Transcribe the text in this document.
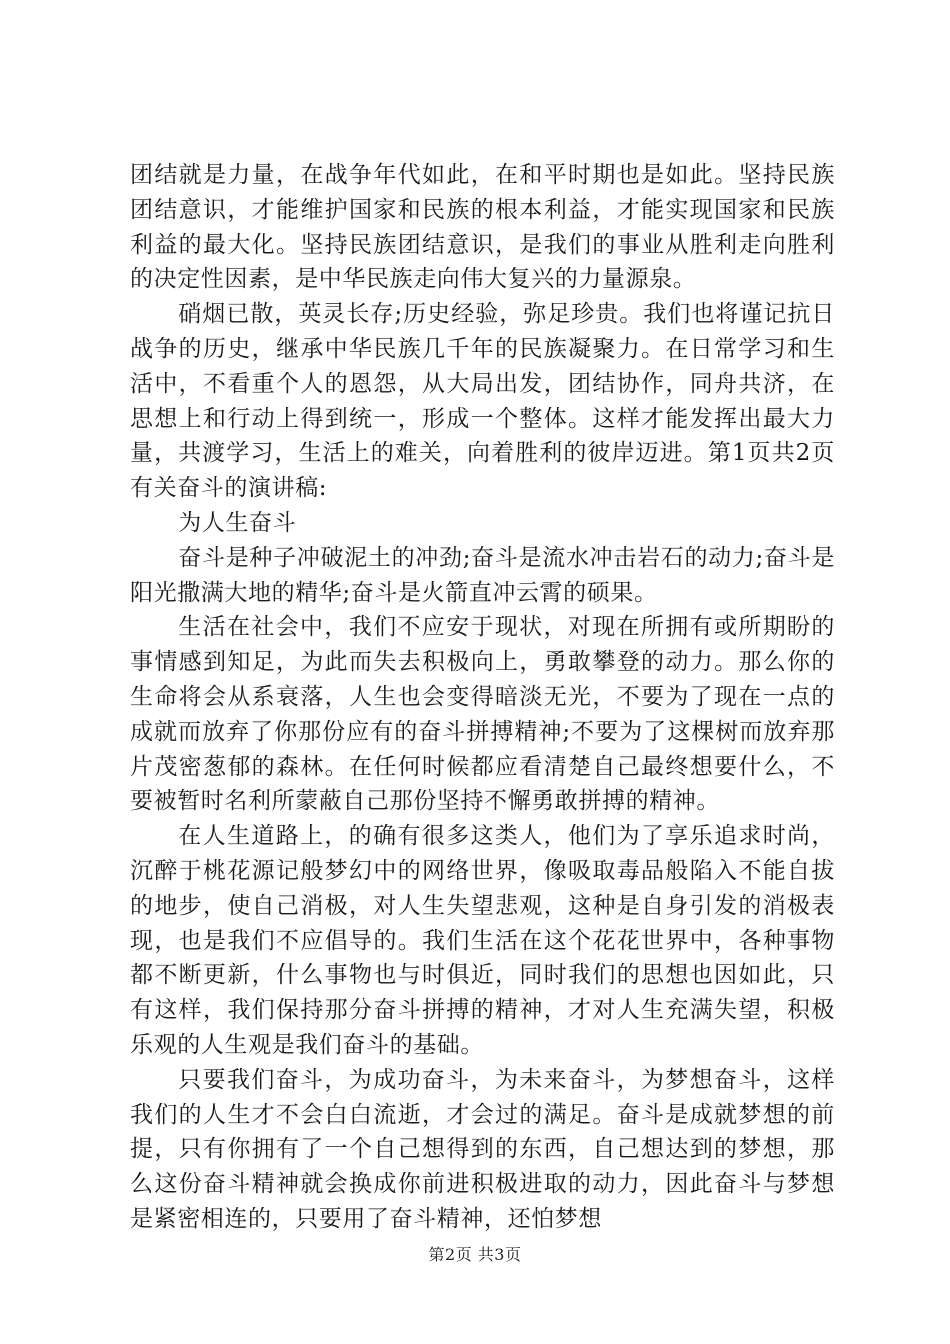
团结就是力量，在战争年代如此，在和平时期也是如此。坚持民族团结意识，才能维护国家和民族的根本利益，才能实现国家和民族利益的最大化。坚持民族团结意识，是我们的事业从胜利走向胜利的决定性因素，是中华民族走向伟大复兴的力量源泉。

硝烟已散，英灵长存;历史经验，弥足珍贵。我们也将谨记抗日战争的历史，继承中华民族几千年的民族凝聚力。在日常学习和生活中，不看重个人的恩怨，从大局出发，团结协作，同舟共济，在思想上和行动上得到统一，形成一个整体。这样才能发挥出最大力量，共渡学习，生活上的难关，向着胜利的彼岸迈进。第1页共2页有关奋斗的演讲稿:

为人生奋斗

奋斗是种子冲破泥土的冲劲;奋斗是流水冲击岩石的动力;奋斗是阳光撒满大地的精华;奋斗是火箭直冲云霄的硕果。

生活在社会中，我们不应安于现状，对现在所拥有或所期盼的事情感到知足，为此而失去积极向上，勇敢攀登的动力。那么你的生命将会从系衰落，人生也会变得暗淡无光，不要为了现在一点的成就而放弃了你那份应有的奋斗拼搏精神;不要为了这棵树而放弃那片茂密葱郁的森林。在任何时候都应看清楚自己最终想要什么，不要被暂时名利所蒙蔽自己那份坚持不懈勇敢拼搏的精神。

在人生道路上，的确有很多这类人，他们为了享乐追求时尚，沉醉于桃花源记般梦幻中的网络世界，像吸取毒品般陷入不能自拔的地步，使自己消极，对人生失望悲观，这种是自身引发的消极表现，也是我们不应倡导的。我们生活在这个花花世界中，各种事物都不断更新，什么事物也与时俱近，同时我们的思想也因如此，只有这样，我们保持那分奋斗拼搏的精神，才对人生充满失望，积极乐观的人生观是我们奋斗的基础。

只要我们奋斗，为成功奋斗，为未来奋斗，为梦想奋斗，这样我们的人生才不会白白流逝，才会过的满足。奋斗是成就梦想的前提，只有你拥有了一个自己想得到的东西，自己想达到的梦想，那么这份奋斗精神就会换成你前进积极进取的动力，因此奋斗与梦想是紧密相连的，只要用了奋斗精神，还怕梦想

第2页 共3页
